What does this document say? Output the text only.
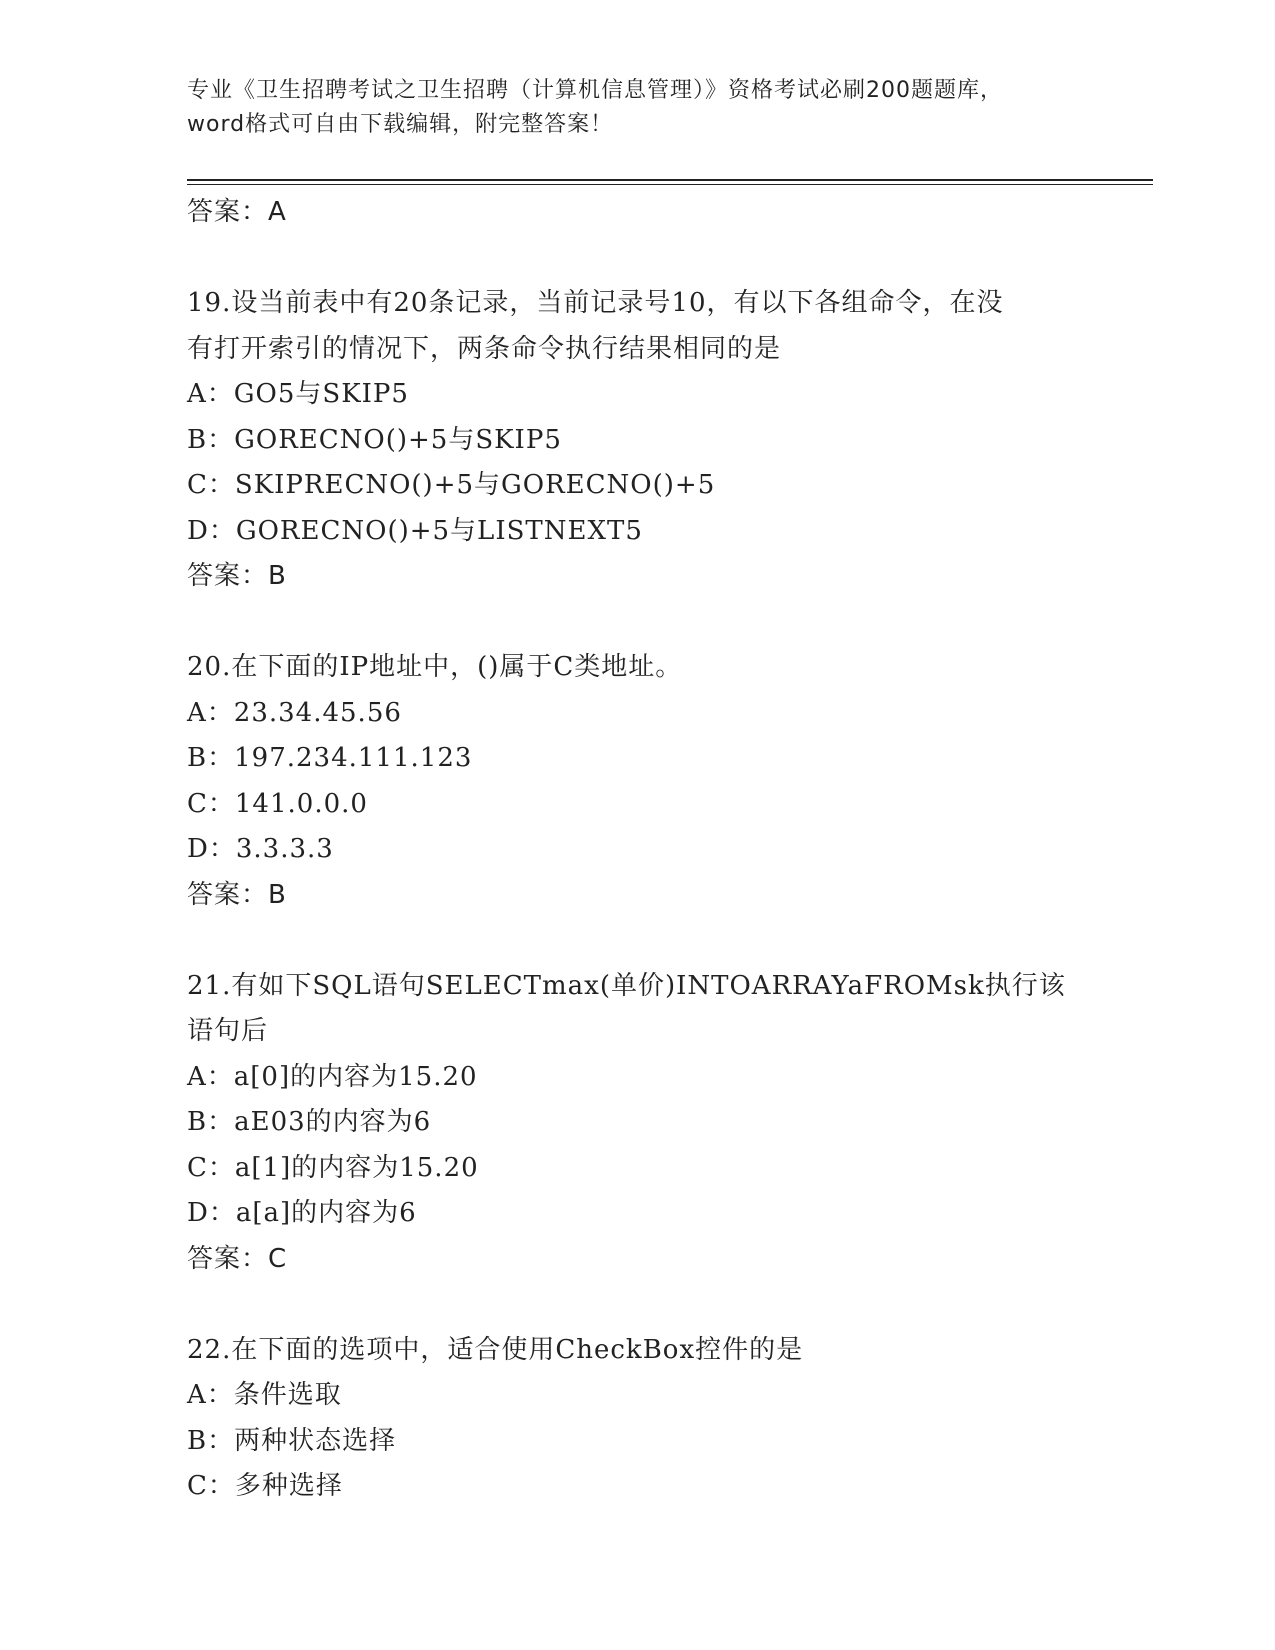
专业《卫生招聘考试之卫生招聘（计算机信息管理）》资格考试必刷200题题库，
word格式可自由下载编辑，附完整答案！
答案：A
19.设当前表中有20条记录，当前记录号10，有以下各组命令，在没
有打开索引的情况下，两条命令执行结果相同的是
A：GO5与SKIP5
B：GORECNO()+5与SKIP5
C：SKIPRECNO()+5与GORECNO()+5
D：GORECNO()+5与LISTNEXT5
答案：B
20.在下面的IP地址中，()属于C类地址。
A：23.34.45.56
B：197.234.111.123
C：141.0.0.0
D：3.3.3.3
答案：B
21.有如下SQL语句SELECTmax(单价)INTOARRAYaFROMsk执行该语句后
A：a[0]的内容为15.20
B：aE03的内容为6
C：a[1]的内容为15.20
D：a[a]的内容为6
答案：C
22.在下面的选项中，适合使用CheckBox控件的是
A：条件选取
B：两种状态选择
C：多种选择
